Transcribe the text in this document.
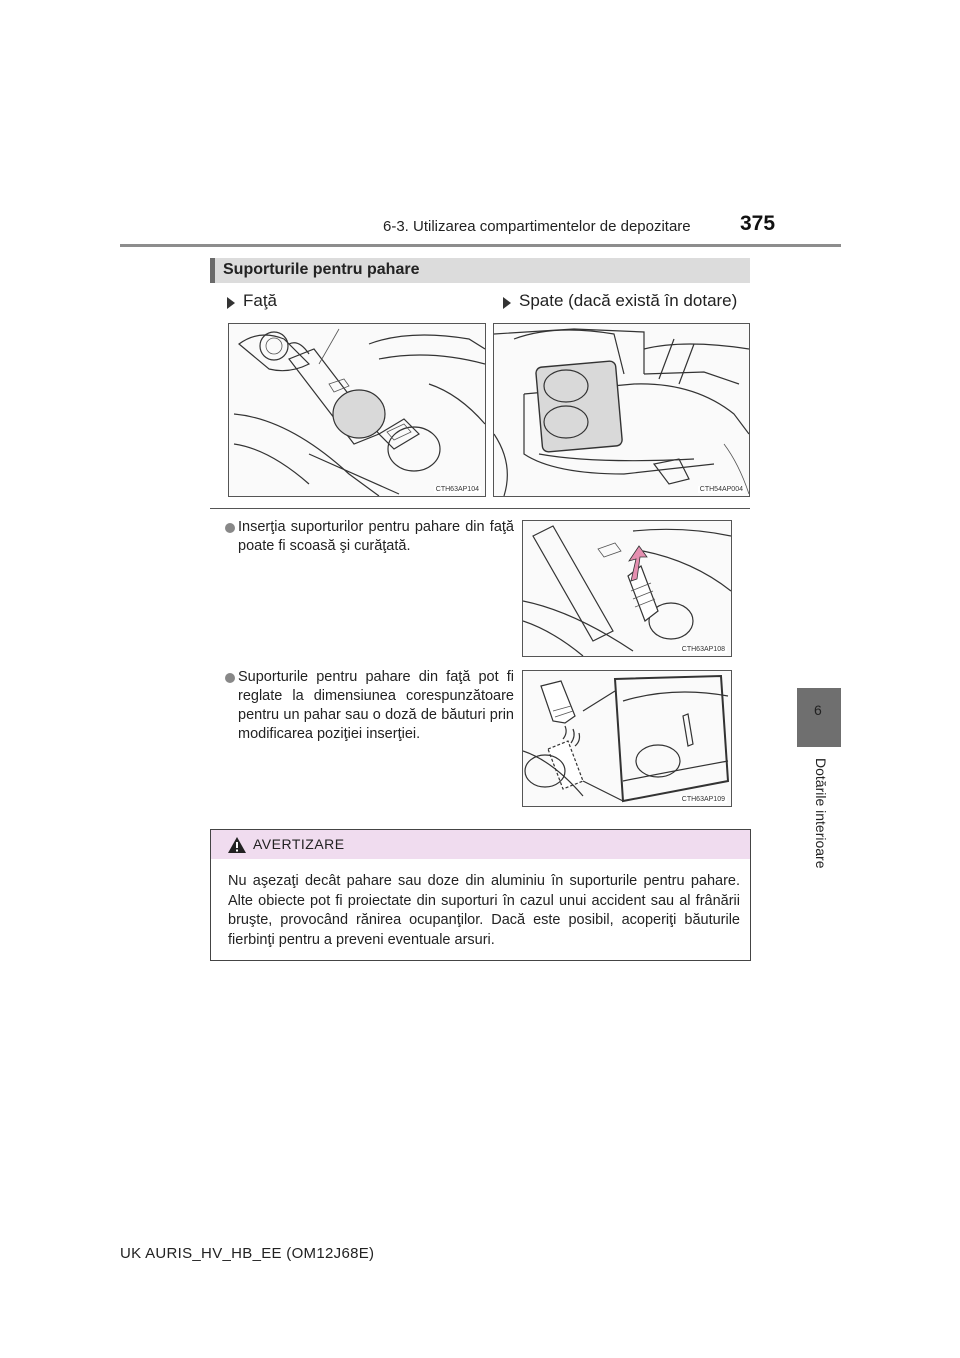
6-3. Utilizarea compartimentelor de depozitare 375
6
Dotările interioare
Suporturile pentru pahare
Faţă	Spate (dacă există în dotare)
CTH63AP104	CTH54AP004
Inserţia suporturilor pentru pahare din faţă poate fi scoasă şi curăţată.
CTH63AP108
Suporturile pentru pahare din faţă pot fi reglate la dimensiunea corespunzătoare pentru un pahar sau o doză de băuturi prin modificarea poziţiei inserţiei.
CTH63AP109
AVERTIZARE
Nu aşezaţi decât pahare sau doze din aluminiu în suporturile pentru pahare. Alte obiecte pot fi proiectate din suporturi în cazul unui accident sau al frânării bruşte, provocând rănirea ocupanţilor. Dacă este posibil, acoperiţi băuturile fierbinţi pentru a preveni eventuale arsuri.
UK AURIS_HV_HB_EE (OM12J68E)
